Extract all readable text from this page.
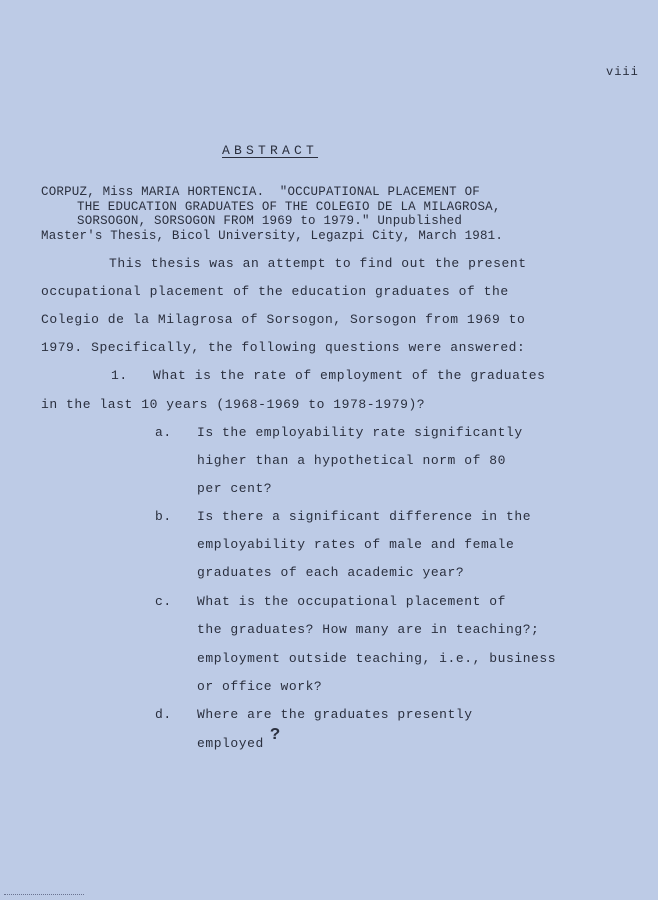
viii
ABSTRACT
CORPUZ, Miss MARIA HORTENCIA.  "OCCUPATIONAL PLACEMENT OF
THE EDUCATION GRADUATES OF THE COLEGIO DE LA MILAGROSA,
SORSOGON, SORSOGON FROM 1969 to 1979." Unpublished
Master's Thesis, Bicol University, Legazpi City, March 1981.
This thesis was an attempt to find out the present
occupational placement of the education graduates of the
Colegio de la Milagrosa of Sorsogon, Sorsogon from 1969 to
1979. Specifically, the following questions were answered:
1. What is the rate of employment of the graduates
in the last 10 years (1968-1969 to 1978-1979)?
a. Is the employability rate significantly
higher than a hypothetical norm of 80
per cent?
b. Is there a significant difference in the
employability rates of male and female
graduates of each academic year?
c. What is the occupational placement of
the graduates? How many are in teaching?;
employment outside teaching, i.e., business
or office work?
d. Where are the graduates presently
employed ?
